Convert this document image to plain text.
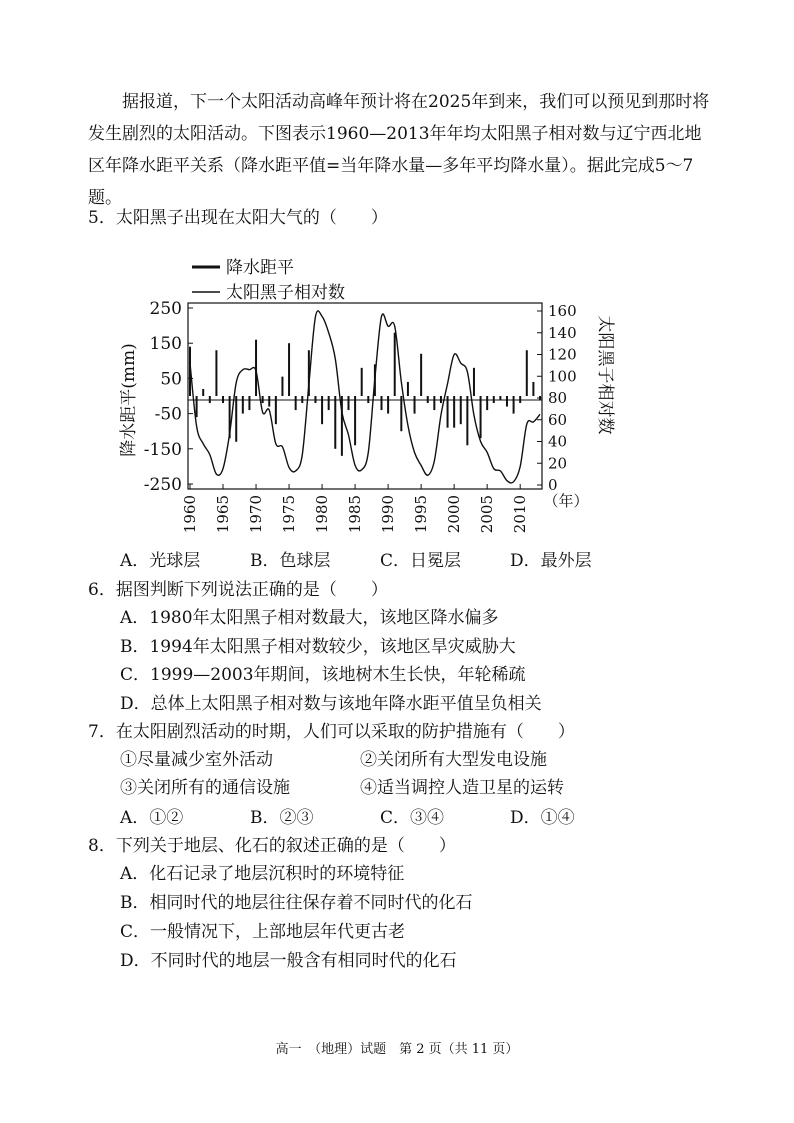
据报道，下一个太阳活动高峰年预计将在2025年到来，我们可以预见到那时将发生剧烈的太阳活动。下图表示1960—2013年年均太阳黑子相对数与辽宁西北地区年降水距平关系（降水距平值=当年降水量—多年平均降水量）。据此完成5～7题。

5．太阳黑子出现在太阳大气的（　　）
降水距平
太阳黑子相对数
250
150
50
-50
-150
-250
160
140
120
100
80
60
40
20
0
1960 1965 1970 1975 1980 1985 1990 1995 2000 2005 2010
降水距平(mm)	太阳黑子相对数
（年）
A．光球层	B．色球层	C．日冕层	D．最外层
6．据图判断下列说法正确的是（　　）
A．1980年太阳黑子相对数最大，该地区降水偏多
B．1994年太阳黑子相对数较少，该地区旱灾威胁大
C．1999—2003年期间，该地树木生长快，年轮稀疏
D．总体上太阳黑子相对数与该地年降水距平值呈负相关
7．在太阳剧烈活动的时期，人们可以采取的防护措施有（　　）
①尽量减少室外活动	②关闭所有大型发电设施
③关闭所有的通信设施	④适当调控人造卫星的运转
A．①②	B．②③	C．③④	D．①④
8．下列关于地层、化石的叙述正确的是（　　）
A．化石记录了地层沉积时的环境特征
B．相同时代的地层往往保存着不同时代的化石
C．一般情况下，上部地层年代更古老
D．不同时代的地层一般含有相同时代的化石
高一　（地理）试题　第 2 页（共 11 页）
